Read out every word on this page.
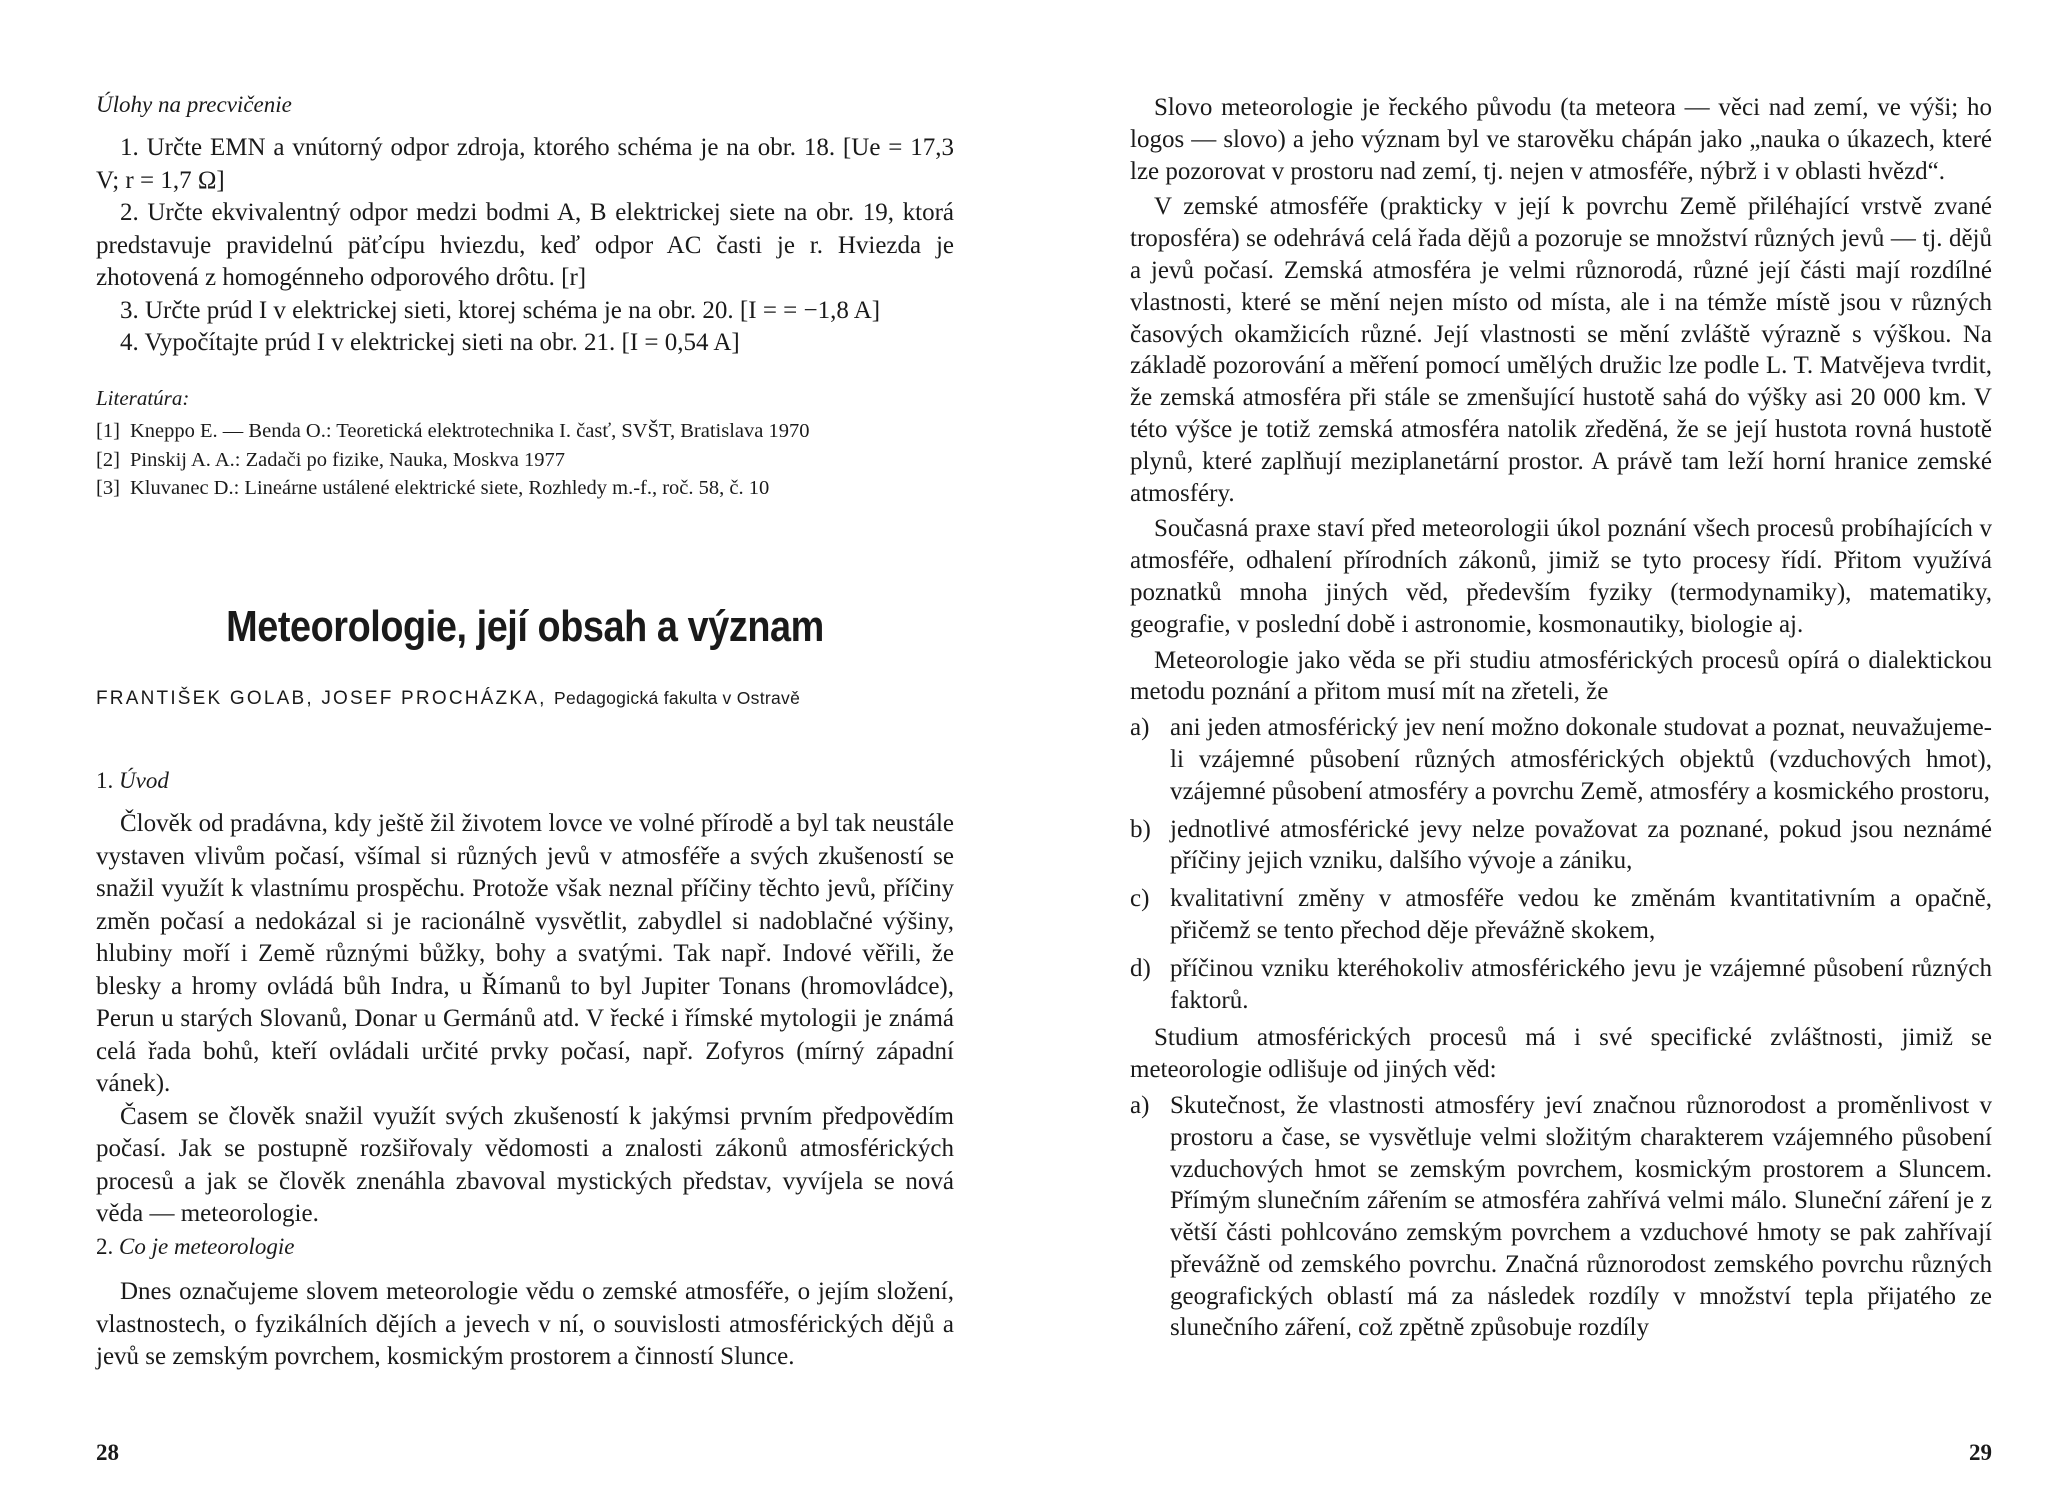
Úlohy na precvičenie

1. Určte EMN a vnútorný odpor zdroja, ktorého schéma je na obr. 18. [Ue = 17,3 V; r = 1,7 Ω]

2. Určte ekvivalentný odpor medzi bodmi A, B elektrickej siete na obr. 19, ktorá predstavuje pravidelnú päťcípu hviezdu, keď odpor AC časti je r. Hviezda je zhotovená z homogénneho odporového drôtu. [r]

3. Určte prúd I v elektrickej sieti, ktorej schéma je na obr. 20. [I = = −1,8 A]

4. Vypočítajte prúd I v elektrickej sieti na obr. 21. [I = 0,54 A]

Literatúra:
[1] Kneppo E. — Benda O.: Teoretická elektrotechnika I. časť, SVŠT, Bratislava 1970
[2] Pinskij A. A.: Zadači po fizike, Nauka, Moskva 1977
[3] Kluvanec D.: Lineárne ustálené elektrické siete, Rozhledy m.-f., roč. 58, č. 10
Meteorologie, její obsah a význam
FRANTIŠEK GOLAB, JOSEF PROCHÁZKA, Pedagogická fakulta v Ostravě
1. Úvod

Člověk od pradávna, kdy ještě žil životem lovce ve volné přírodě a byl tak neustále vystaven vlivům počasí, všímal si různých jevů v atmosféře a svých zkušeností se snažil využít k vlastnímu prospěchu. Protože však neznal příčiny těchto jevů, příčiny změn počasí a nedokázal si je racionálně vysvětlit, zabydlel si nadoblačné výšiny, hlubiny moří i Země různými bůžky, bohy a svatými. Tak např. Indové věřili, že blesky a hromy ovládá bůh Indra, u Římanů to byl Jupiter Tonans (hromovládce), Perun u starých Slovanů, Donar u Germánů atd. V řecké i římské mytologii je známá celá řada bohů, kteří ovládali určité prvky počasí, např. Zofyros (mírný západní vánek).

Časem se člověk snažil využít svých zkušeností k jakýmsi prvním předpovědím počasí. Jak se postupně rozšiřovaly vědomosti a znalosti zákonů atmosférických procesů a jak se člověk znenáhla zbavoval mystických představ, vyvíjela se nová věda — meteorologie.

2. Co je meteorologie

Dnes označujeme slovem meteorologie vědu o zemské atmosféře, o jejím složení, vlastnostech, o fyzikálních dějích a jevech v ní, o souvislosti atmosférických dějů a jevů se zemským povrchem, kosmickým prostorem a činností Slunce.

28

Slovo meteorologie je řeckého původu (ta meteora — věci nad zemí, ve výši; ho logos — slovo) a jeho význam byl ve starověku chápán jako „nauka o úkazech, které lze pozorovat v prostoru nad zemí, tj. nejen v atmosféře, nýbrž i v oblasti hvězd“.

V zemské atmosféře (prakticky v její k povrchu Země přiléhající vrstvě zvané troposféra) se odehrává celá řada dějů a pozoruje se množství různých jevů — tj. dějů a jevů počasí. Zemská atmosféra je velmi různorodá, různé její části mají rozdílné vlastnosti, které se mění nejen místo od místa, ale i na témže místě jsou v různých časových okamžicích různé. Její vlastnosti se mění zvláště výrazně s výškou. Na základě pozorování a měření pomocí umělých družic lze podle L. T. Matvějeva tvrdit, že zemská atmosféra při stále se zmenšující hustotě sahá do výšky asi 20 000 km. V této výšce je totiž zemská atmosféra natolik zředěná, že se její hustota rovná hustotě plynů, které zaplňují meziplanetární prostor. A právě tam leží horní hranice zemské atmosféry.

Současná praxe staví před meteorologii úkol poznání všech procesů probíhajících v atmosféře, odhalení přírodních zákonů, jimiž se tyto procesy řídí. Přitom využívá poznatků mnoha jiných věd, především fyziky (termodynamiky), matematiky, geografie, v poslední době i astronomie, kosmonautiky, biologie aj.

Meteorologie jako věda se při studiu atmosférických procesů opírá o dialektickou metodu poznání a přitom musí mít na zřeteli, že

a) ani jeden atmosférický jev není možno dokonale studovat a poznat, neuvažujeme-li vzájemné působení různých atmosférických objektů (vzduchových hmot), vzájemné působení atmosféry a povrchu Země, atmosféry a kosmického prostoru,
b) jednotlivé atmosférické jevy nelze považovat za poznané, pokud jsou neznámé příčiny jejich vzniku, dalšího vývoje a zániku,
c) kvalitativní změny v atmosféře vedou ke změnám kvantitativním a opačně, přičemž se tento přechod děje převážně skokem,
d) příčinou vzniku kteréhokoliv atmosférického jevu je vzájemné působení různých faktorů.

Studium atmosférických procesů má i své specifické zvláštnosti, jimiž se meteorologie odlišuje od jiných věd:

a) Skutečnost, že vlastnosti atmosféry jeví značnou různorodost a proměnlivost v prostoru a čase, se vysvětluje velmi složitým charakterem vzájemného působení vzduchových hmot se zemským povrchem, kosmickým prostorem a Sluncem. Přímým slunečním zářením se atmosféra zahřívá velmi málo. Sluneční záření je z větší části pohlcováno zemským povrchem a vzduchové hmoty se pak zahřívají převážně od zemského povrchu. Značná různorodost zemského povrchu různých geografických oblastí má za následek rozdíly v množství tepla přijatého ze slunečního záření, což zpětně způsobuje rozdíly
29
